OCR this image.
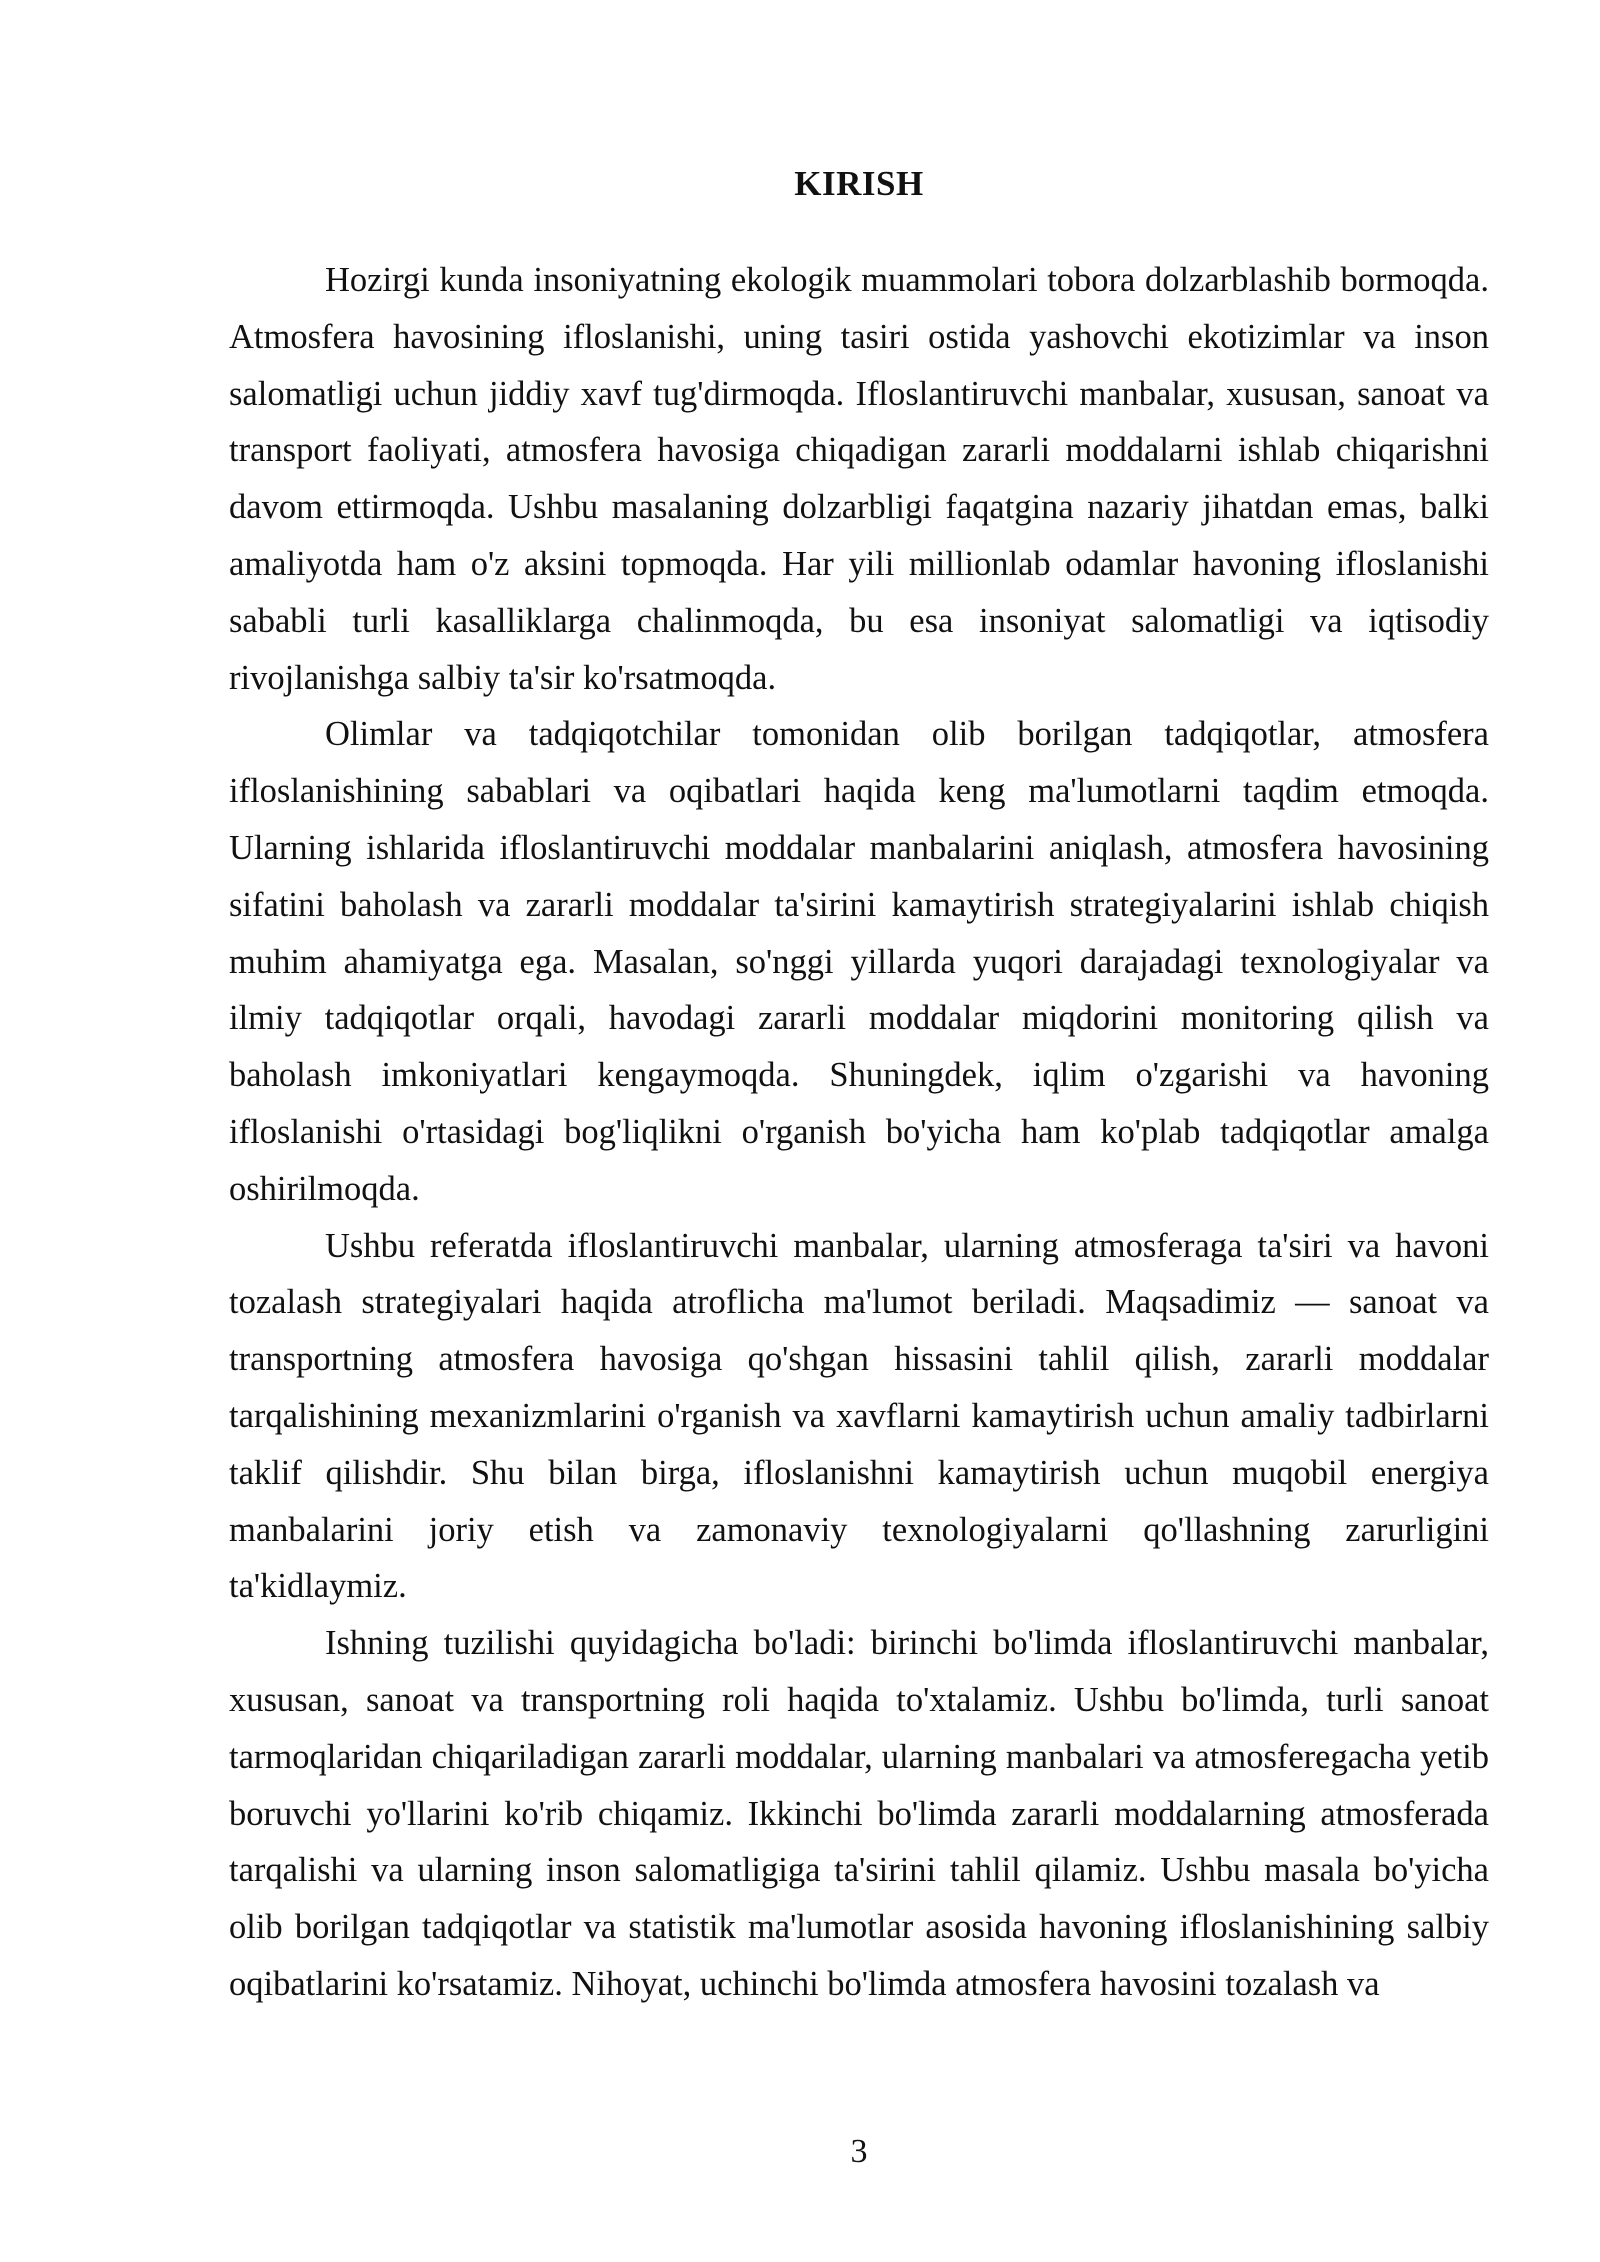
KIRISH

Hozirgi kunda insoniyatning ekologik muammolari tobora dolzarblashib bormoqda. Atmosfera havosining ifloslanishi, uning tasiri ostida yashovchi ekotizimlar va inson salomatligi uchun jiddiy xavf tug'dirmoqda. Ifloslantiruvchi manbalar, xususan, sanoat va transport faoliyati, atmosfera havosiga chiqadigan zararli moddalarni ishlab chiqarishni davom ettirmoqda. Ushbu masalaning dolzarbligi faqatgina nazariy jihatdan emas, balki amaliyotda ham o'z aksini topmoqda. Har yili millionlab odamlar havoning ifloslanishi sababli turli kasalliklarga chalinmoqda, bu esa insoniyat salomatligi va iqtisodiy rivojlanishga salbiy ta'sir ko'rsatmoqda.

Olimlar va tadqiqotchilar tomonidan olib borilgan tadqiqotlar, atmosfera ifloslanishining sabablari va oqibatlari haqida keng ma'lumotlarni taqdim etmoqda. Ularning ishlarida ifloslantiruvchi moddalar manbalarini aniqlash, atmosfera havosining sifatini baholash va zararli moddalar ta'sirini kamaytirish strategiyalarini ishlab chiqish muhim ahamiyatga ega. Masalan, so'nggi yillarda yuqori darajadagi texnologiyalar va ilmiy tadqiqotlar orqali, havodagi zararli moddalar miqdorini monitoring qilish va baholash imkoniyatlari kengaymoqda. Shuningdek, iqlim o'zgarishi va havoning ifloslanishi o'rtasidagi bog'liqlikni o'rganish bo'yicha ham ko'plab tadqiqotlar amalga oshirilmoqda.

Ushbu referatda ifloslantiruvchi manbalar, ularning atmosferaga ta'siri va havoni tozalash strategiyalari haqida atroflicha ma'lumot beriladi. Maqsadimiz — sanoat va transportning atmosfera havosiga qo'shgan hissasini tahlil qilish, zararli moddalar tarqalishining mexanizmlarini o'rganish va xavflarni kamaytirish uchun amaliy tadbirlarni taklif qilishdir. Shu bilan birga, ifloslanishni kamaytirish uchun muqobil energiya manbalarini joriy etish va zamonaviy texnologiyalarni qo'llashning zarurligini ta'kidlaymiz.

Ishning tuzilishi quyidagicha bo'ladi: birinchi bo'limda ifloslantiruvchi manbalar, xususan, sanoat va transportning roli haqida to'xtalamiz. Ushbu bo'limda, turli sanoat tarmoqlaridan chiqariladigan zararli moddalar, ularning manbalari va atmosferegacha yetib boruvchi yo'llarini ko'rib chiqamiz. Ikkinchi bo'limda zararli moddalarning atmosferada tarqalishi va ularning inson salomatligiga ta'sirini tahlil qilamiz. Ushbu masala bo'yicha olib borilgan tadqiqotlar va statistik ma'lumotlar asosida havoning ifloslanishining salbiy oqibatlarini ko'rsatamiz. Nihoyat, uchinchi bo'limda atmosfera havosini tozalash va

3
